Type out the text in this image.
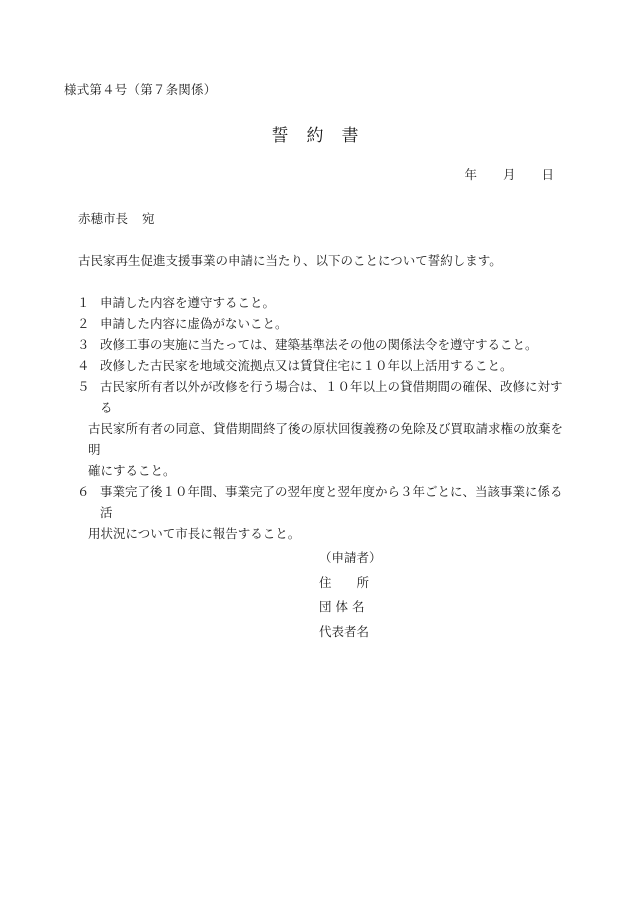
様式第４号（第７条関係）
誓 約 書
年 月 日
赤穂市長 宛
古民家再生促進支援事業の申請に当たり、以下のことについて誓約します。
１ 申請した内容を遵守すること。
２ 申請した内容に虚偽がないこと。
３ 改修工事の実施に当たっては、建築基準法その他の関係法令を遵守すること。
４ 改修した古民家を地域交流拠点又は賃貸住宅に１０年以上活用すること。
５ 古民家所有者以外が改修を行う場合は、１０年以上の貸借期間の確保、改修に対する
古民家所有者の同意、貸借期間終了後の原状回復義務の免除及び買取請求権の放棄を明
確にすること。
６ 事業完了後１０年間、事業完了の翌年度と翌年度から３年ごとに、当該事業に係る活
用状況について市長に報告すること。
（申請者）
住　　所
団 体 名
代表者名
